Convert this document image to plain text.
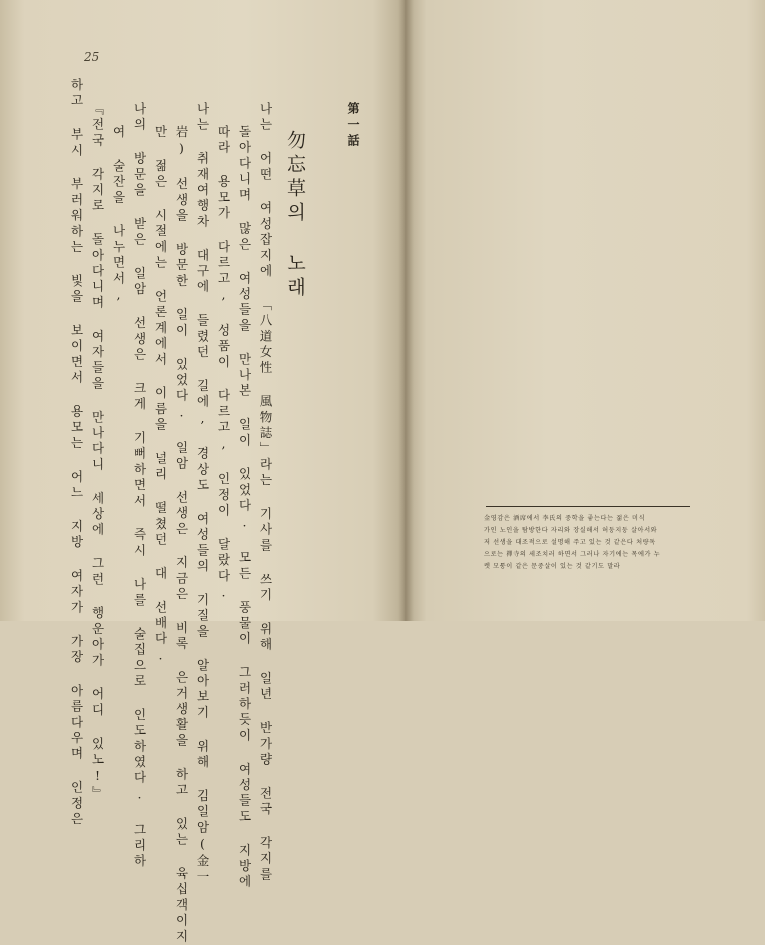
25
第一話
勿忘草의 노래
나는 어떤 여성잡지에 「八道女性 風物誌」라는 기사를 쓰기 위해 일년 반가량 전국 각지를
돌아다니며 많은 여성들을 만나본 일이 있었다. 모든 풍물이 그러하듯이 여성들도 지방에
따라 용모가 다르고, 성품이 다르고, 인정이 달랐다.
나는 취재여행차 대구에 들렸던 길에, 경상도 여성들의 기질을 알아보기 위해 김일암(金一
岩) 선생을 방문한 일이 있었다. 일암 선생은 지금은 비록 은거생활을 하고 있는 육십객이지
만 젊은 시절에는 언론계에서 이름을 널리 떨쳤던 대 선배다.
나의 방문을 받은 일암 선생은 크게 기뻐하면서 즉시 나를 술집으로 인도하였다. 그리하
여 술잔을 나누면서,
『전국 각지로 돌아다니며 여자들을 만나다니 세상에 그런 행운아가 어디 있노!』
하고 부시 부러워하는 빛을 보이면서 용모는 어느 지방 여자가 가장 아름다우며 인정은	金영감은 酒席에서 李氏의 중학을 좋는다는 젊은 미식
가인 노인을 탐방한다 자리와 장실해서 허둥지둥 살아서와
저 선생을 대조적으로 설명해 주고 있는 것 같은다 처량독
으로는 禪寺의 세조치러 하면서 그러나 자기에는 목에가 누
렛 모퉁이 같은 문중살이 있는 것 같기도 말라
